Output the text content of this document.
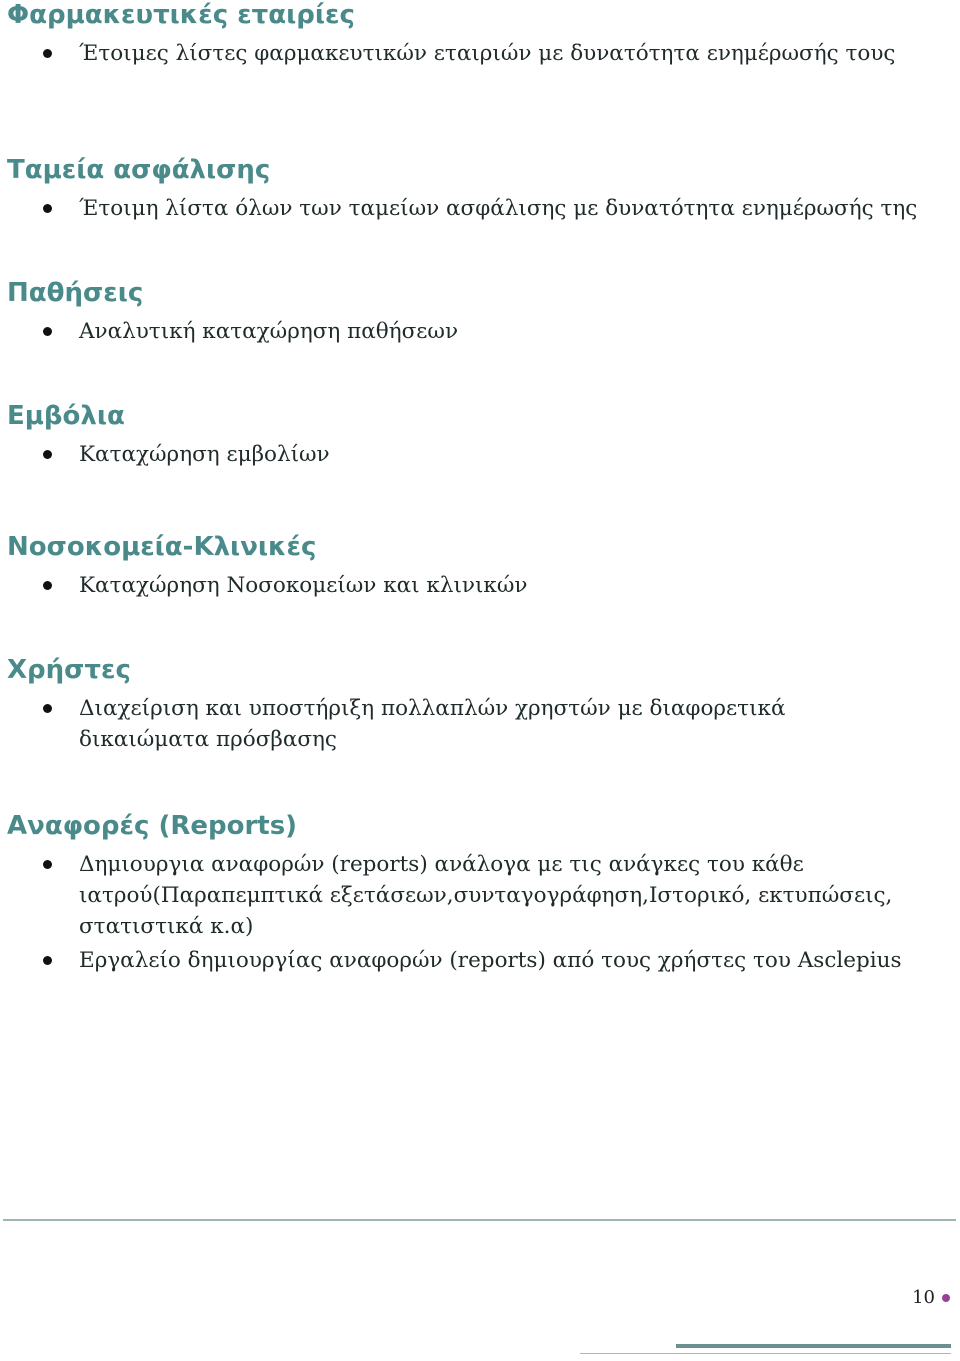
Φαρμακευτικές εταιρίες
Έτοιμες λίστες φαρμακευτικών εταιριών με δυνατότητα ενημέρωσής τους
Ταμεία ασφάλισης
Έτοιμη λίστα όλων των ταμείων ασφάλισης με δυνατότητα ενημέρωσής της
Παθήσεις
Αναλυτική καταχώρηση παθήσεων
Εμβόλια
Καταχώρηση εμβολίων
Νοσοκομεία-Κλινικές
Καταχώρηση Νοσοκομείων και κλινικών
Χρήστες
Διαχείριση και υποστήριξη πολλαπλών χρηστών με διαφορετικά δικαιώματα πρόσβασης
Αναφορές (Reports)
Δημιουργια αναφορών (reports) ανάλογα με τις ανάγκες του κάθε ιατρού(Παραπεμπτικά εξετάσεων,συνταγογράφηση,Ιστορικό, εκτυπώσεις, στατιστικά κ.α)
Εργαλείο δημιουργίας αναφορών (reports) από τους χρήστες του Asclepius
10
